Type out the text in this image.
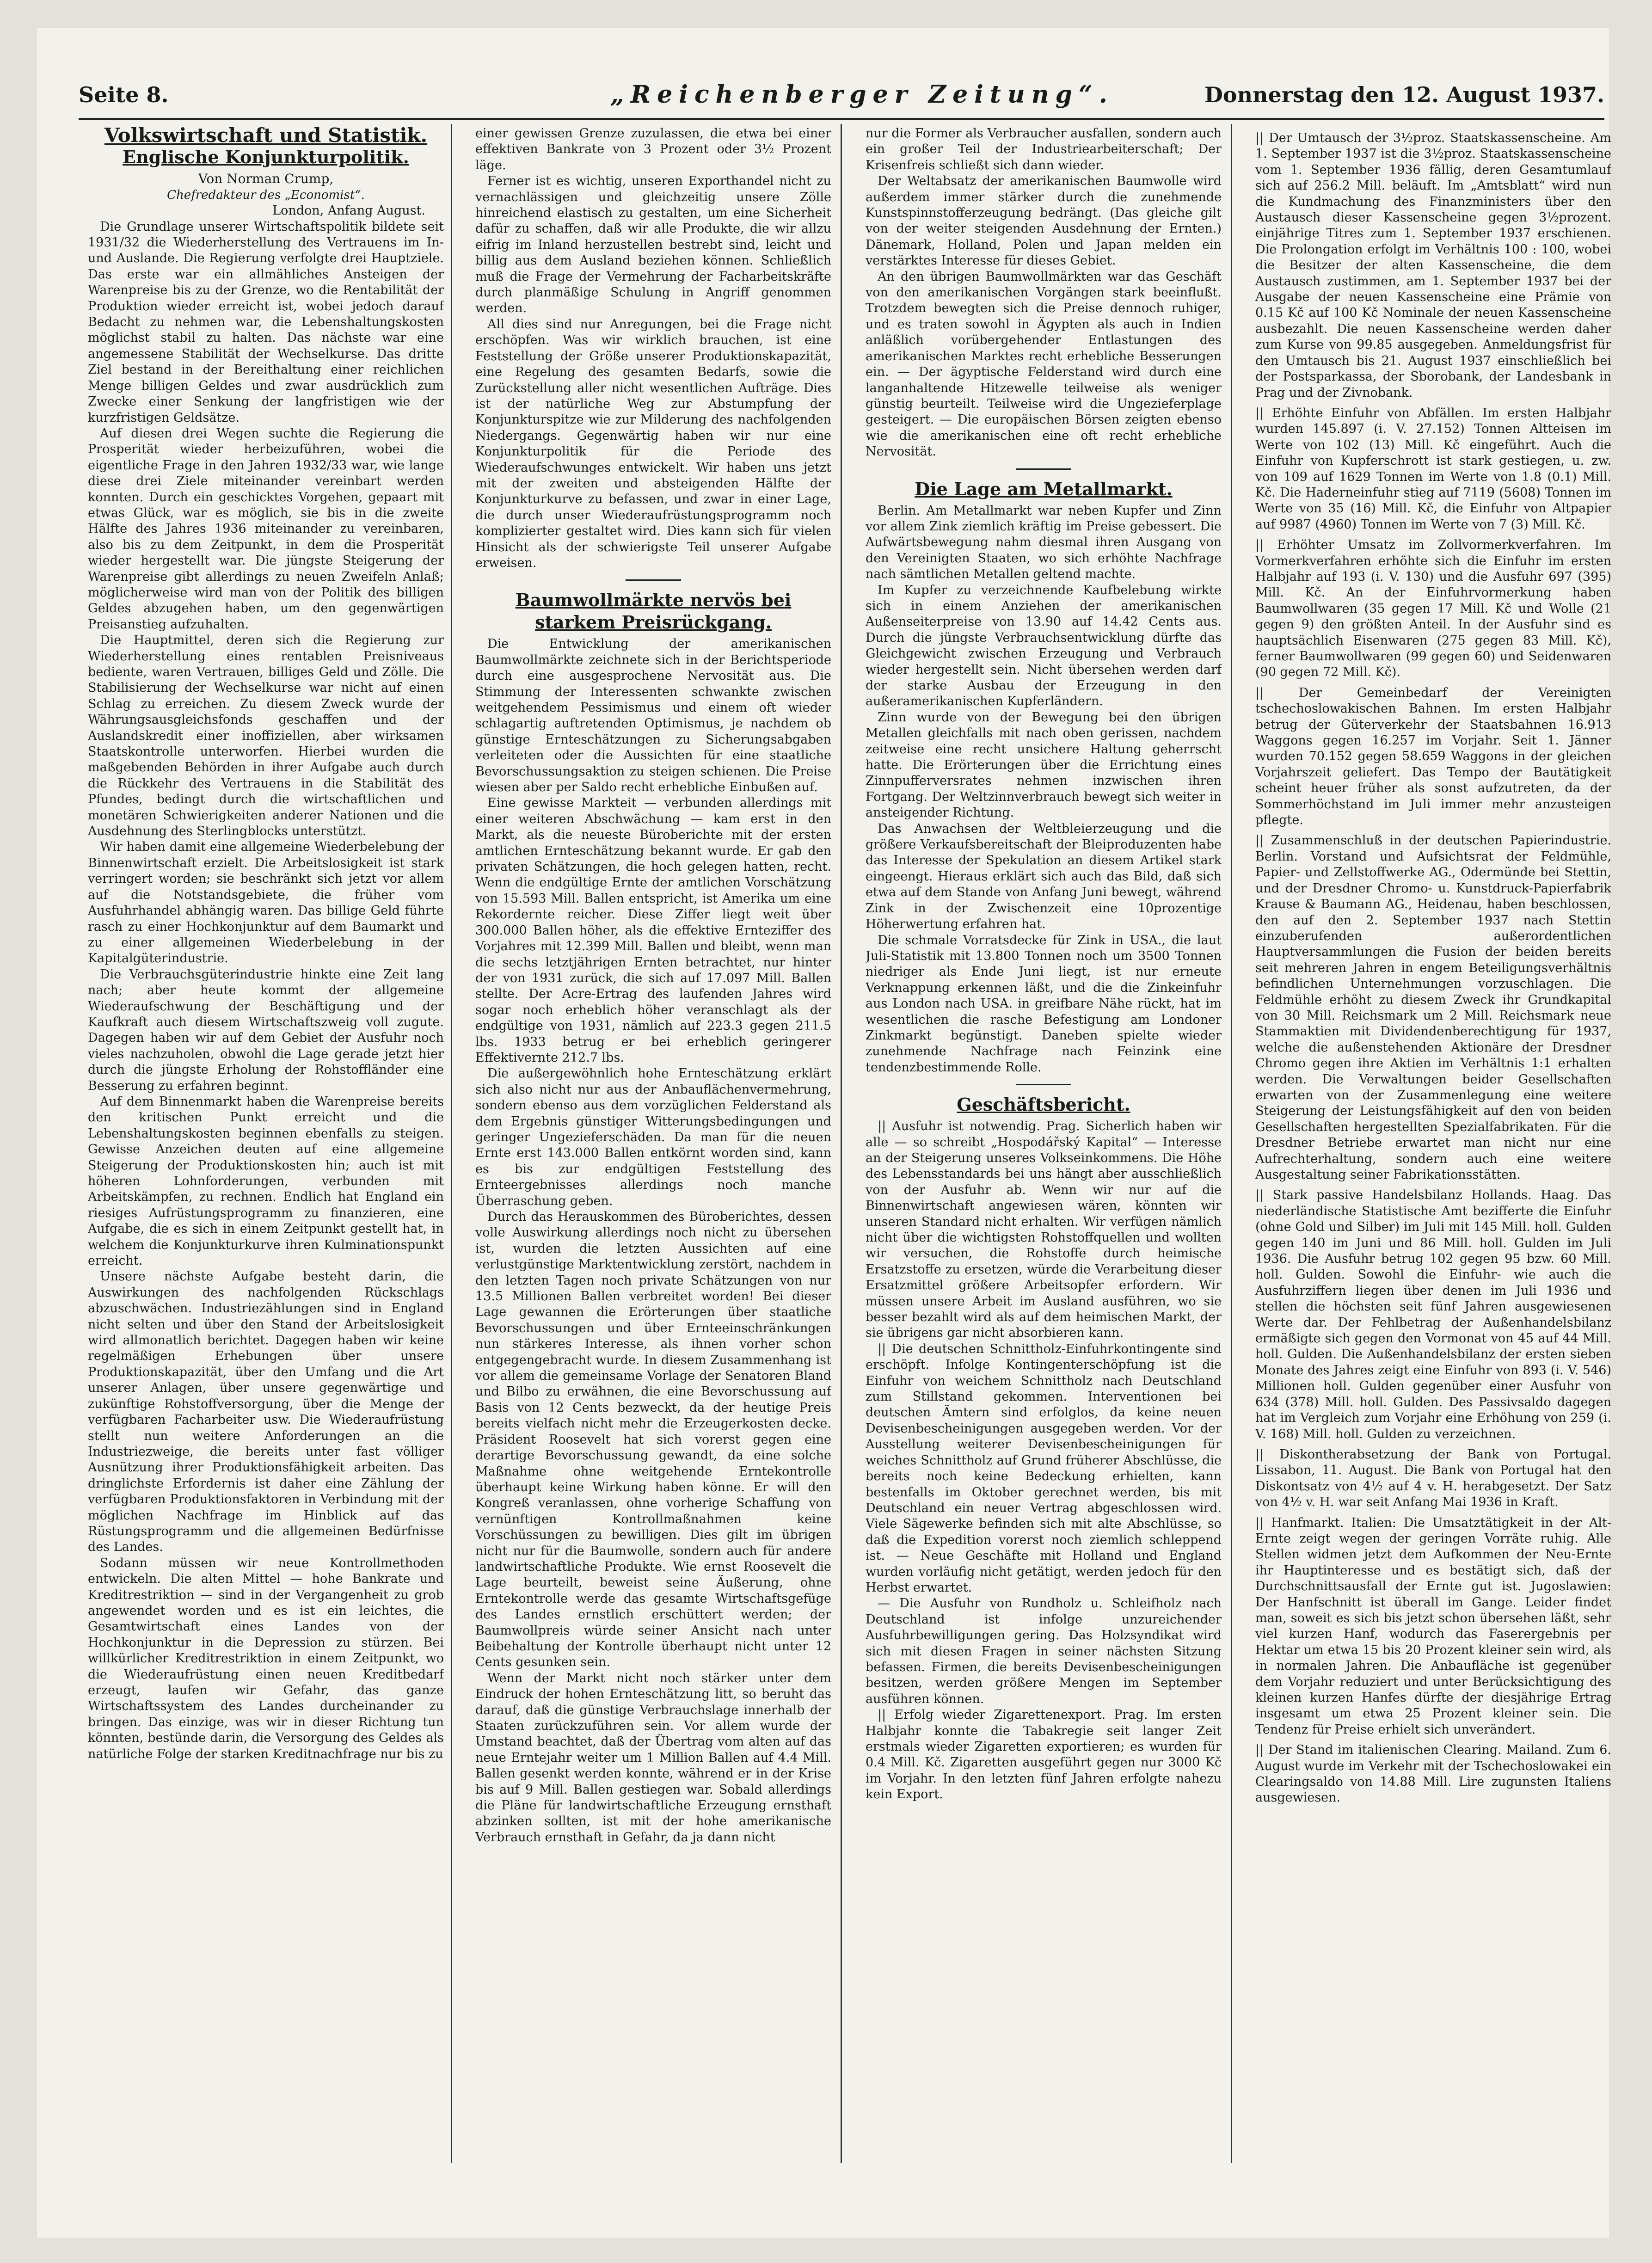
Seite 8.	„Reichenberger Zeitung“.	Donnerstag den 12. August 1937.
Volkswirtschaft und Statistik.
Englische Konjunkturpolitik.

Von Norman Crump,

Chefredakteur des „Economist“.

London, Anfang August.

Die Grundlage unserer Wirtschaftspolitik bildete seit 1931/32 die Wiederherstellung des Vertrauens im In- und Auslande. Die Regierung verfolgte drei Hauptziele. Das erste war ein allmähliches Ansteigen der Warenpreise bis zu der Grenze, wo die Rentabilität der Produktion wieder erreicht ist, wobei jedoch darauf Bedacht zu nehmen war, die Lebenshaltungskosten möglichst stabil zu halten. Das nächste war eine angemessene Stabilität der Wechselkurse. Das dritte Ziel bestand in der Bereithaltung einer reichlichen Menge billigen Geldes und zwar ausdrücklich zum Zwecke einer Senkung der langfristigen wie der kurzfristigen Geldsätze.

Auf diesen drei Wegen suchte die Regierung die Prosperität wieder herbeizuführen, wobei die eigentliche Frage in den Jahren 1932/33 war, wie lange diese drei Ziele miteinander vereinbart werden konnten. Durch ein geschicktes Vorgehen, gepaart mit etwas Glück, war es möglich, sie bis in die zweite Hälfte des Jahres 1936 miteinander zu vereinbaren, also bis zu dem Zeitpunkt, in dem die Prosperität wieder hergestellt war. Die jüngste Steigerung der Warenpreise gibt allerdings zu neuen Zweifeln Anlaß; möglicherweise wird man von der Politik des billigen Geldes abzugehen haben, um den gegenwärtigen Preisanstieg aufzuhalten.

Die Hauptmittel, deren sich die Regierung zur Wiederherstellung eines rentablen Preisniveaus bediente, waren Vertrauen, billiges Geld und Zölle. Die Stabilisierung der Wechselkurse war nicht auf einen Schlag zu erreichen. Zu diesem Zweck wurde der Währungsausgleichsfonds geschaffen und der Auslandskredit einer inoffiziellen, aber wirksamen Staatskontrolle unterworfen. Hierbei wurden die maßgebenden Behörden in ihrer Aufgabe auch durch die Rückkehr des Vertrauens in die Stabilität des Pfundes, bedingt durch die wirtschaftlichen und monetären Schwierigkeiten anderer Nationen und die Ausdehnung des Sterlingblocks unterstützt.

Wir haben damit eine allgemeine Wiederbelebung der Binnenwirtschaft erzielt. Die Arbeitslosigkeit ist stark verringert worden; sie beschränkt sich jetzt vor allem auf die Notstandsgebiete, die früher vom Ausfuhrhandel abhängig waren. Das billige Geld führte rasch zu einer Hochkonjunktur auf dem Baumarkt und zu einer allgemeinen Wiederbelebung in der Kapitalgüterindustrie.

Die Verbrauchsgüterindustrie hinkte eine Zeit lang nach; aber heute kommt der allgemeine Wiederaufschwung der Beschäftigung und der Kaufkraft auch diesem Wirtschaftszweig voll zugute. Dagegen haben wir auf dem Gebiet der Ausfuhr noch vieles nachzuholen, obwohl die Lage gerade jetzt hier durch die jüngste Erholung der Rohstoffländer eine Besserung zu erfahren beginnt.

Auf dem Binnenmarkt haben die Warenpreise bereits den kritischen Punkt erreicht und die Lebenshaltungskosten beginnen ebenfalls zu steigen. Gewisse Anzeichen deuten auf eine allgemeine Steigerung der Produktionskosten hin; auch ist mit höheren Lohnforderungen, verbunden mit Arbeitskämpfen, zu rechnen. Endlich hat England ein riesiges Aufrüstungsprogramm zu finanzieren, eine Aufgabe, die es sich in einem Zeitpunkt gestellt hat, in welchem die Konjunkturkurve ihren Kulminationspunkt erreicht.

Unsere nächste Aufgabe besteht darin, die Auswirkungen des nachfolgenden Rückschlags abzuschwächen. Industriezählungen sind in England nicht selten und über den Stand der Arbeitslosigkeit wird allmonatlich berichtet. Dagegen haben wir keine regelmäßigen Erhebungen über unsere Produktionskapazität, über den Umfang und die Art unserer Anlagen, über unsere gegenwärtige und zukünftige Rohstoffversorgung, über die Menge der verfügbaren Facharbeiter usw. Die Wiederaufrüstung stellt nun weitere Anforderungen an die Industriezweige, die bereits unter fast völliger Ausnützung ihrer Produktionsfähigkeit arbeiten. Das dringlichste Erfordernis ist daher eine Zählung der verfügbaren Produktionsfaktoren in Verbindung mit der möglichen Nachfrage im Hinblick auf das Rüstungsprogramm und die allgemeinen Bedürfnisse des Landes.

Sodann müssen wir neue Kontrollmethoden entwickeln. Die alten Mittel — hohe Bankrate und Kreditrestriktion — sind in der Vergangenheit zu grob angewendet worden und es ist ein leichtes, die Gesamtwirtschaft eines Landes von der Hochkonjunktur in die Depression zu stürzen. Bei willkürlicher Kreditrestriktion in einem Zeitpunkt, wo die Wiederaufrüstung einen neuen Kreditbedarf erzeugt, laufen wir Gefahr, das ganze Wirtschaftssystem des Landes durcheinander zu bringen. Das einzige, was wir in dieser Richtung tun könnten, bestünde darin, die Versorgung des Geldes als natürliche Folge der starken Kreditnachfrage nur bis zu

einer gewissen Grenze zuzulassen, die etwa bei einer effektiven Bankrate von 3 Prozent oder 3½ Prozent läge.

Ferner ist es wichtig, unseren Exporthandel nicht zu vernachlässigen und gleichzeitig unsere Zölle hinreichend elastisch zu gestalten, um eine Sicherheit dafür zu schaffen, daß wir alle Produkte, die wir allzu eifrig im Inland herzustellen bestrebt sind, leicht und billig aus dem Ausland beziehen können. Schließlich muß die Frage der Vermehrung der Facharbeitskräfte durch planmäßige Schulung in Angriff genommen werden.

All dies sind nur Anregungen, bei die Frage nicht erschöpfen. Was wir wirklich brauchen, ist eine Feststellung der Größe unserer Produktionskapazität, eine Regelung des gesamten Bedarfs, sowie die Zurückstellung aller nicht wesentlichen Aufträge. Dies ist der natürliche Weg zur Abstumpfung der Konjunkturspitze wie zur Milderung des nachfolgenden Niedergangs. Gegenwärtig haben wir nur eine Konjunkturpolitik für die Periode des Wiederaufschwunges entwickelt. Wir haben uns jetzt mit der zweiten und absteigenden Hälfte der Konjunkturkurve zu befassen, und zwar in einer Lage, die durch unser Wiederaufrüstungsprogramm noch komplizierter gestaltet wird. Dies kann sich für vielen Hinsicht als der schwierigste Teil unserer Aufgabe erweisen.

Baumwollmärkte nervös bei starkem Preisrückgang.

Die Entwicklung der amerikanischen Baumwollmärkte zeichnete sich in der Berichtsperiode durch eine ausgesprochene Nervosität aus. Die Stimmung der Interessenten schwankte zwischen weitgehendem Pessimismus und einem oft wieder schlagartig auftretenden Optimismus, je nachdem ob günstige Ernteschätzungen zu Sicherungsabgaben verleiteten oder die Aussichten für eine staatliche Bevorschussungsaktion zu steigen schienen. Die Preise wiesen aber per Saldo recht erhebliche Einbußen auf.

Eine gewisse Markteit — verbunden allerdings mit einer weiteren Abschwächung — kam erst in den Markt, als die neueste Büroberichte mit der ersten amtlichen Ernteschätzung bekannt wurde. Er gab den privaten Schätzungen, die hoch gelegen hatten, recht. Wenn die endgültige Ernte der amtlichen Vorschätzung von 15.593 Mill. Ballen entspricht, ist Amerika um eine Rekordernte reicher. Diese Ziffer liegt weit über 300.000 Ballen höher, als die effektive Ernteziffer des Vorjahres mit 12.399 Mill. Ballen und bleibt, wenn man die sechs letztjährigen Ernten betrachtet, nur hinter der von 1931 zurück, die sich auf 17.097 Mill. Ballen stellte. Der Acre-Ertrag des laufenden Jahres wird sogar noch erheblich höher veranschlagt als der endgültige von 1931, nämlich auf 223.3 gegen 211.5 lbs. 1933 betrug er bei erheblich geringerer Effektivernte 212.7 lbs.

Die außergewöhnlich hohe Ernteschätzung erklärt sich also nicht nur aus der Anbauflächenvermehrung, sondern ebenso aus dem vorzüglichen Felderstand als dem Ergebnis günstiger Witterungsbedingungen und geringer Ungezieferschäden. Da man für die neuen Ernte erst 143.000 Ballen entkörnt worden sind, kann es bis zur endgültigen Feststellung des Ernteergebnisses allerdings noch manche Überraschung geben.

Durch das Herauskommen des Büroberichtes, dessen volle Auswirkung allerdings noch nicht zu übersehen ist, wurden die letzten Aussichten auf eine verlustgünstige Marktentwicklung zerstört, nachdem in den letzten Tagen noch private Schätzungen von nur 13.5 Millionen Ballen verbreitet worden! Bei dieser Lage gewannen die Erörterungen über staatliche Bevorschussungen und über Ernteeinschränkungen nun stärkeres Interesse, als ihnen vorher schon entgegengebracht wurde. In diesem Zusammenhang ist vor allem die gemeinsame Vorlage der Senatoren Bland und Bilbo zu erwähnen, die eine Bevorschussung auf Basis von 12 Cents bezweckt, da der heutige Preis bereits vielfach nicht mehr die Erzeugerkosten decke. Präsident Roosevelt hat sich vorerst gegen eine derartige Bevorschussung gewandt, da eine solche Maßnahme ohne weitgehende Erntekontrolle überhaupt keine Wirkung haben könne. Er will den Kongreß veranlassen, ohne vorherige Schaffung von vernünftigen Kontrollmaßnahmen keine Vorschüssungen zu bewilligen. Dies gilt im übrigen nicht nur für die Baumwolle, sondern auch für andere landwirtschaftliche Produkte. Wie ernst Roosevelt die Lage beurteilt, beweist seine Äußerung, ohne Erntekontrolle werde das gesamte Wirtschaftsgefüge des Landes ernstlich erschüttert werden; der Baumwollpreis würde seiner Ansicht nach unter Beibehaltung der Kontrolle überhaupt nicht unter 12 Cents gesunken sein.

Wenn der Markt nicht noch stärker unter dem Eindruck der hohen Ernteschätzung litt, so beruht das darauf, daß die günstige Verbrauchslage innerhalb der Staaten zurückzuführen sein. Vor allem wurde der Umstand beachtet, daß der Übertrag vom alten auf das neue Erntejahr weiter um 1 Million Ballen auf 4.4 Mill. Ballen gesenkt werden konnte, während er in der Krise bis auf 9 Mill. Ballen gestiegen war. Sobald allerdings die Pläne für landwirtschaftliche Erzeugung ernsthaft abzinken sollten, ist mit der hohe amerikanische Verbrauch ernsthaft in Gefahr, da ja dann nicht

nur die Former als Verbraucher ausfallen, sondern auch ein großer Teil der Industriearbeiterschaft; Der Krisenfreis schließt sich dann wieder.

Der Weltabsatz der amerikanischen Baumwolle wird außerdem immer stärker durch die zunehmende Kunstspinnstofferzeugung bedrängt. (Das gleiche gilt von der weiter steigenden Ausdehnung der Ernten.) Dänemark, Holland, Polen und Japan melden ein verstärktes Interesse für dieses Gebiet.

An den übrigen Baumwollmärkten war das Geschäft von den amerikanischen Vorgängen stark beeinflußt. Trotzdem bewegten sich die Preise dennoch ruhiger, und es traten sowohl in Ägypten als auch in Indien anläßlich vorübergehender Entlastungen des amerikanischen Marktes recht erhebliche Besserungen ein. — Der ägyptische Felderstand wird durch eine langanhaltende Hitzewelle teilweise als weniger günstig beurteilt. Teilweise wird die Ungezieferplage gesteigert. — Die europäischen Börsen zeigten ebenso wie die amerikanischen eine oft recht erhebliche Nervosität.

Die Lage am Metallmarkt.

Berlin. Am Metallmarkt war neben Kupfer und Zinn vor allem Zink ziemlich kräftig im Preise gebessert. Die Aufwärtsbewegung nahm diesmal ihren Ausgang von den Vereinigten Staaten, wo sich erhöhte Nachfrage nach sämtlichen Metallen geltend machte.

Im Kupfer zu verzeichnende Kaufbelebung wirkte sich in einem Anziehen der amerikanischen Außenseiterpreise von 13.90 auf 14.42 Cents aus. Durch die jüngste Verbrauchsentwicklung dürfte das Gleichgewicht zwischen Erzeugung und Verbrauch wieder hergestellt sein. Nicht übersehen werden darf der starke Ausbau der Erzeugung in den außeramerikanischen Kupferländern.

Zinn wurde von der Bewegung bei den übrigen Metallen gleichfalls mit nach oben gerissen, nachdem zeitweise eine recht unsichere Haltung geherrscht hatte. Die Erörterungen über die Errichtung eines Zinnpufferversrates nehmen inzwischen ihren Fortgang. Der Weltzinnverbrauch bewegt sich weiter in ansteigender Richtung.

Das Anwachsen der Weltbleierzeugung und die größere Verkaufsbereitschaft der Bleiproduzenten habe das Interesse der Spekulation an diesem Artikel stark eingeengt. Hieraus erklärt sich auch das Bild, daß sich etwa auf dem Stande von Anfang Juni bewegt, während Zink in der Zwischenzeit eine 10prozentige Höherwertung erfahren hat.

Die schmale Vorratsdecke für Zink in USA., die laut Juli-Statistik mit 13.800 Tonnen noch um 3500 Tonnen niedriger als Ende Juni liegt, ist nur erneute Verknappung erkennen läßt, und die die Zinkeinfuhr aus London nach USA. in greifbare Nähe rückt, hat im wesentlichen die rasche Befestigung am Londoner Zinkmarkt begünstigt. Daneben spielte wieder zunehmende Nachfrage nach Feinzink eine tendenzbestimmende Rolle.

Geschäftsbericht.

|| Ausfuhr ist notwendig. Prag. Sicherlich haben wir alle — so schreibt „Hospodářský Kapital“ — Interesse an der Steigerung unseres Volkseinkommens. Die Höhe des Lebensstandards bei uns hängt aber ausschließlich von der Ausfuhr ab. Wenn wir nur auf die Binnenwirtschaft angewiesen wären, könnten wir unseren Standard nicht erhalten. Wir verfügen nämlich nicht über die wichtigsten Rohstoffquellen und wollten wir versuchen, die Rohstoffe durch heimische Ersatzstoffe zu ersetzen, würde die Verarbeitung dieser Ersatzmittel größere Arbeitsopfer erfordern. Wir müssen unsere Arbeit im Ausland ausführen, wo sie besser bezahlt wird als auf dem heimischen Markt, der sie übrigens gar nicht absorbieren kann.

|| Die deutschen Schnittholz-Einfuhrkontingente sind erschöpft. Infolge Kontingenterschöpfung ist die Einfuhr von weichem Schnittholz nach Deutschland zum Stillstand gekommen. Interventionen bei deutschen Ämtern sind erfolglos, da keine neuen Devisenbescheinigungen ausgegeben werden. Vor der Ausstellung weiterer Devisenbescheinigungen für weiches Schnittholz auf Grund früherer Abschlüsse, die bereits noch keine Bedeckung erhielten, kann bestenfalls im Oktober gerechnet werden, bis mit Deutschland ein neuer Vertrag abgeschlossen wird. Viele Sägewerke befinden sich mit alte Abschlüsse, so daß die Expedition vorerst noch ziemlich schleppend ist. — Neue Geschäfte mit Holland und England wurden vorläufig nicht getätigt, werden jedoch für den Herbst erwartet.

— Die Ausfuhr von Rundholz u. Schleifholz nach Deutschland ist infolge unzureichender Ausfuhrbewilligungen gering. Das Holzsyndikat wird sich mit diesen Fragen in seiner nächsten Sitzung befassen. Firmen, die bereits Devisenbescheinigungen besitzen, werden größere Mengen im September ausführen können.

|| Erfolg wieder Zigarettenexport. Prag. Im ersten Halbjahr konnte die Tabakregie seit langer Zeit erstmals wieder Zigaretten exportieren; es wurden für 0.4 Mill. Kč. Zigaretten ausgeführt gegen nur 3000 Kč im Vorjahr. In den letzten fünf Jahren erfolgte nahezu kein Export.

|| Der Umtausch der 3½proz. Staatskassenscheine. Am 1. September 1937 ist die 3½proz. Staatskassenscheine vom 1. September 1936 fällig, deren Gesamtumlauf sich auf 256.2 Mill. beläuft. Im „Amtsblatt“ wird nun die Kundmachung des Finanzministers über den Austausch dieser Kassenscheine gegen 3½prozent. einjährige Titres zum 1. September 1937 erschienen. Die Prolongation erfolgt im Verhältnis 100 : 100, wobei die Besitzer der alten Kassenscheine, die dem Austausch zustimmen, am 1. September 1937 bei der Ausgabe der neuen Kassenscheine eine Prämie von 0.15 Kč auf 100 Kč Nominale der neuen Kassenscheine ausbezahlt. Die neuen Kassenscheine werden daher zum Kurse von 99.85 ausgegeben. Anmeldungsfrist für den Umtausch bis 21. August 1937 einschließlich bei der Postsparkassa, der Sborobank, der Landesbank in Prag und der Zivnobank.

|| Erhöhte Einfuhr von Abfällen. Im ersten Halbjahr wurden 145.897 (i. V. 27.152) Tonnen Altteisen im Werte von 102 (13) Mill. Kč eingeführt. Auch die Einfuhr von Kupferschrott ist stark gestiegen, u. zw. von 109 auf 1629 Tonnen im Werte von 1.8 (0.1) Mill. Kč. Die Haderneinfuhr stieg auf 7119 (5608) Tonnen im Werte von 35 (16) Mill. Kč, die Einfuhr von Altpapier auf 9987 (4960) Tonnen im Werte von 7 (3) Mill. Kč.

|| Erhöhter Umsatz im Zollvormerkverfahren. Im Vormerkverfahren erhöhte sich die Einfuhr im ersten Halbjahr auf 193 (i. V. 130) und die Ausfuhr 697 (395) Mill. Kč. An der Einfuhrvormerkung haben Baumwollwaren (35 gegen 17 Mill. Kč und Wolle (21 gegen 9) den größten Anteil. In der Ausfuhr sind es hauptsächlich Eisenwaren (275 gegen 83 Mill. Kč), ferner Baumwollwaren (99 gegen 60) und Seidenwaren (90 gegen 72 Mill. Kč).

|| Der Gemeinbedarf der Vereinigten tschechoslowakischen Bahnen. Im ersten Halbjahr betrug der Güterverkehr der Staatsbahnen 16.913 Waggons gegen 16.257 im Vorjahr. Seit 1. Jänner wurden 70.152 gegen 58.659 Waggons in der gleichen Vorjahrszeit geliefert. Das Tempo der Bautätigkeit scheint heuer früher als sonst aufzutreten, da der Sommerhöchstand im Juli immer mehr anzusteigen pflegte.

|| Zusammenschluß in der deutschen Papierindustrie. Berlin. Vorstand und Aufsichtsrat der Feldmühle, Papier- und Zellstoffwerke AG., Odermünde bei Stettin, und der Dresdner Chromo- u. Kunstdruck-Papierfabrik Krause & Baumann AG., Heidenau, haben beschlossen, den auf den 2. September 1937 nach Stettin einzuberufenden außerordentlichen Hauptversammlungen die Fusion der beiden bereits seit mehreren Jahren in engem Beteiligungsverhältnis befindlichen Unternehmungen vorzuschlagen. Die Feldmühle erhöht zu diesem Zweck ihr Grundkapital von 30 Mill. Reichsmark um 2 Mill. Reichsmark neue Stammaktien mit Dividendenberechtigung für 1937, welche die außenstehenden Aktionäre der Dresdner Chromo gegen ihre Aktien im Verhältnis 1:1 erhalten werden. Die Verwaltungen beider Gesellschaften erwarten von der Zusammenlegung eine weitere Steigerung der Leistungsfähigkeit auf den von beiden Gesellschaften hergestellten Spezialfabrikaten. Für die Dresdner Betriebe erwartet man nicht nur eine Aufrechterhaltung, sondern auch eine weitere Ausgestaltung seiner Fabrikationsstätten.

|| Stark passive Handelsbilanz Hollands. Haag. Das niederländische Statistische Amt bezifferte die Einfuhr (ohne Gold und Silber) im Juli mit 145 Mill. holl. Gulden gegen 140 im Juni und 86 Mill. holl. Gulden im Juli 1936. Die Ausfuhr betrug 102 gegen 95 bzw. 60 Mill. holl. Gulden. Sowohl die Einfuhr- wie auch die Ausfuhrziffern liegen über denen im Juli 1936 und stellen die höchsten seit fünf Jahren ausgewiesenen Werte dar. Der Fehlbetrag der Außenhandelsbilanz ermäßigte sich gegen den Vormonat von 45 auf 44 Mill. holl. Gulden. Die Außenhandelsbilanz der ersten sieben Monate des Jahres zeigt eine Einfuhr von 893 (i. V. 546) Millionen holl. Gulden gegenüber einer Ausfuhr von 634 (378) Mill. holl. Gulden. Des Passivsaldo dagegen hat im Vergleich zum Vorjahr eine Erhöhung von 259 (i. V. 168) Mill. holl. Gulden zu verzeichnen.

|| Diskontherabsetzung der Bank von Portugal. Lissabon, 11. August. Die Bank von Portugal hat den Diskontsatz von 4½ auf 4 v. H. herabgesetzt. Der Satz von 4½ v. H. war seit Anfang Mai 1936 in Kraft.

|| Hanfmarkt. Italien: Die Umsatztätigkeit in der Alt-Ernte zeigt wegen der geringen Vorräte ruhig. Alle Stellen widmen jetzt dem Aufkommen der Neu-Ernte ihr Hauptinteresse und es bestätigt sich, daß der Durchschnittsausfall der Ernte gut ist. Jugoslawien: Der Hanfschnitt ist überall im Gange. Leider findet man, soweit es sich bis jetzt schon übersehen läßt, sehr viel kurzen Hanf, wodurch das Faserergebnis per Hektar um etwa 15 bis 20 Prozent kleiner sein wird, als in normalen Jahren. Die Anbaufläche ist gegenüber dem Vorjahr reduziert und unter Berücksichtigung des kleinen kurzen Hanfes dürfte der diesjährige Ertrag insgesamt um etwa 25 Prozent kleiner sein. Die Tendenz für Preise erhielt sich unverändert.

|| Der Stand im italienischen Clearing. Mailand. Zum 6. August wurde im Verkehr mit der Tschechoslowakei ein Clearingsaldo von 14.88 Mill. Lire zugunsten Italiens ausgewiesen.
